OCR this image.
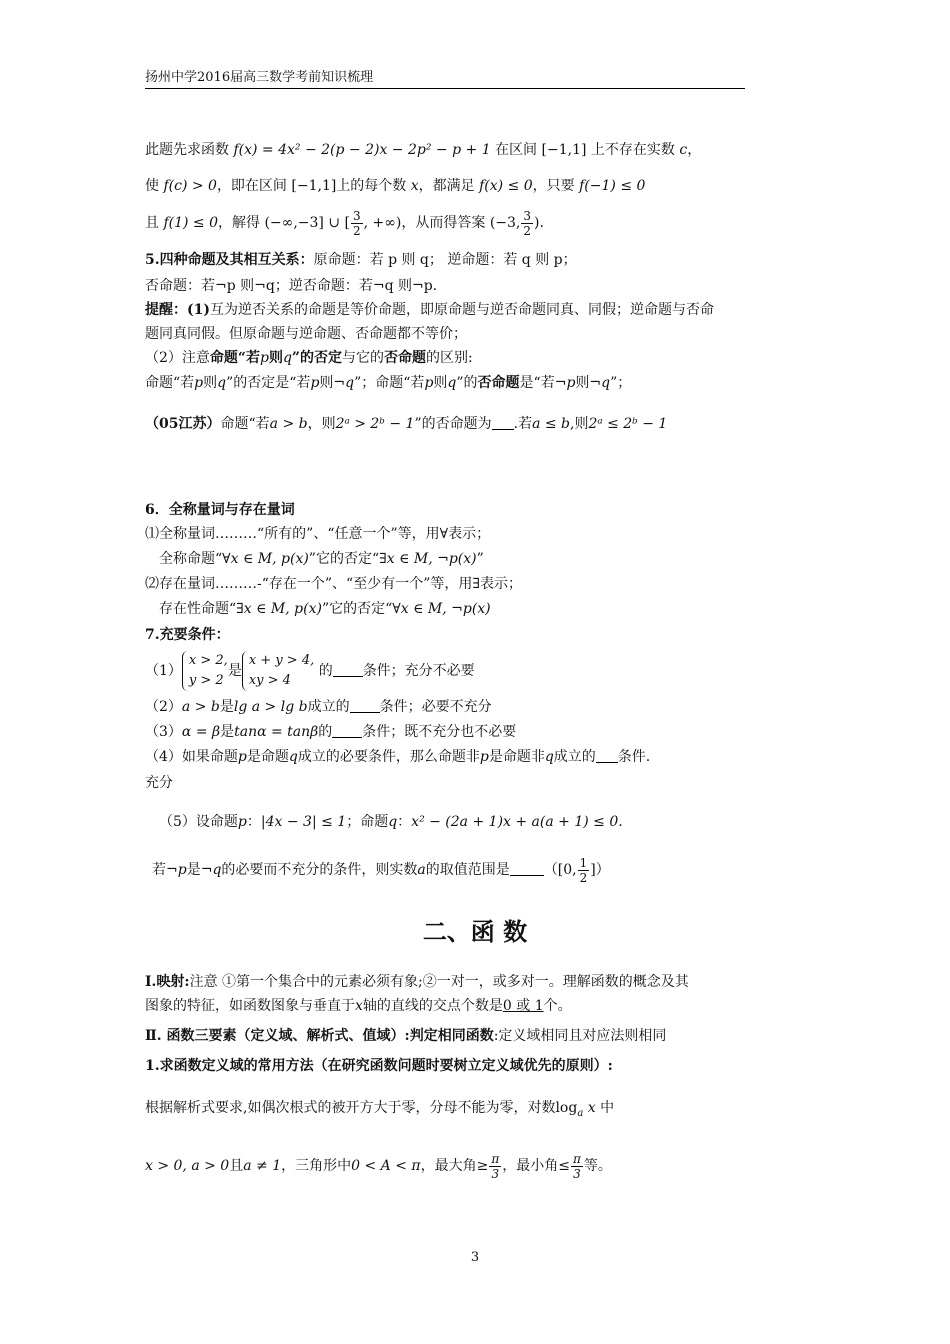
扬州中学2016届高三数学考前知识梳理
此题先求函数 f(x) = 4x² − 2(p − 2)x − 2p² − p + 1 在区间 [−1,1] 上不存在实数 c，
使 f(c) > 0，即在区间 [−1,1]上的每个数 x，都满足 f(x) ≤ 0，只要 f(−1) ≤ 0
且 f(1) ≤ 0，解得 (−∞,−3] ∪ [ $\frac{3}{2}$ , +∞)，从而得答案 (−3, $\frac{3}{2}$ ).
5.四种命题及其相互关系：原命题：若 p 则 q； 逆命题：若 q 则 p；
否命题：若¬p 则¬q；逆否命题：若¬q 则¬p.
提醒：(1)互为逆否关系的命题是等价命题，即原命题与逆否命题同真、同假；逆命题与否命
题同真同假。但原命题与逆命题、否命题都不等价；
（2）注意命题“若p则q”的否定与它的否命题的区别:
命题“若p则q”的否定是“若p则¬q”；命题“若p则q”的否命题是“若¬p则¬q”；
（05江苏）命题“若a > b，则2ᵃ > 2ᵇ − 1”的否命题为 .若a ≤ b,则2ᵃ ≤ 2ᵇ − 1
6．全称量词与存在量词
⑴全称量词………“所有的”、“任意一个”等，用∀表示；
全称命题“∀x ∈ M, p(x)”它的否定“∃x ∈ M, ¬p(x)”
⑵存在量词………-“存在一个”、“至少有一个”等，用∃表示；
存在性命题“∃x ∈ M, p(x)”它的否定“∀x ∈ M, ¬p(x)
7.充要条件：
（1）
x > 2,
y > 2
是
x + y > 4,
xy > 4
的 条件；充分不必要
（2）a > b是lg a > lg b成立的 条件；必要不充分
（3）α = β是tanα = tanβ的 条件；既不充分也不必要
（4）如果命题p是命题q成立的必要条件，那么命题非p是命题非q成立的 条件.
充分
（5）设命题p：|4x − 3| ≤ 1；命题q：x² − (2a + 1)x + a(a + 1) ≤ 0.
若¬p是¬q的必要而不充分的条件，则实数a的取值范围是 （[0, $\frac{1}{2}$ ]）
二、函 数
Ⅰ.映射:注意 ①第一个集合中的元素必须有象;②一对一，或多对一。理解函数的概念及其
图象的特征，如函数图象与垂直于x轴的直线的交点个数是0 或 1个。
Ⅱ. 函数三要素（定义域、解析式、值域）:判定相同函数:定义域相同且对应法则相同
1.求函数定义域的常用方法（在研究函数问题时要树立定义域优先的原则）:
根据解析式要求,如偶次根式的被开方大于零，分母不能为零，对数$\log_a x$ 中
x > 0, a > 0且a ≠ 1，三角形中0 < A < π，最大角≥ $\frac{\pi}{3}$ ，最小角≤ $\frac{\pi}{3}$ 等。
3
